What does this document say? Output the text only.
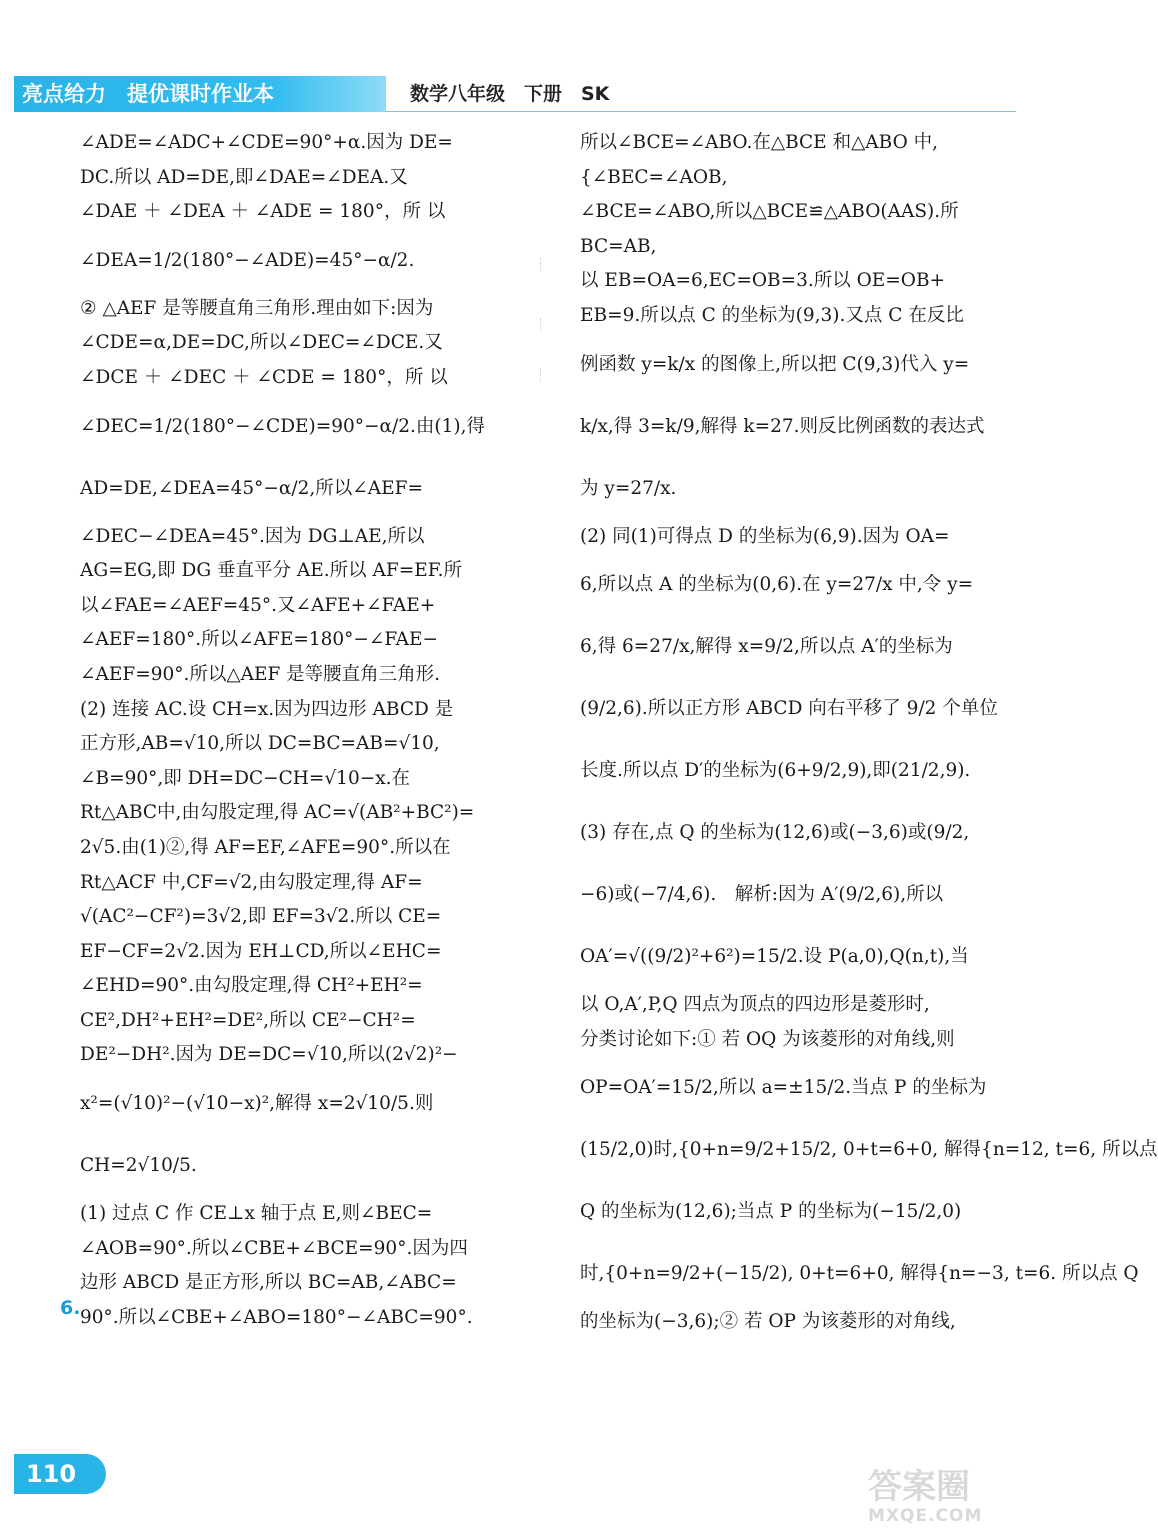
亮点给力　提优课时作业本	数学八年级　下册　SK
∠ADE=∠ADC+∠CDE=90°+α.因为 DE=
DC.所以 AD=DE,即∠DAE=∠DEA.又
∠DAE ＋ ∠DEA ＋ ∠ADE = 180°，所 以
∠DEA=1/2(180°−∠ADE)=45°−α/2.
② △AEF 是等腰直角三角形.理由如下:因为
∠CDE=α,DE=DC,所以∠DEC=∠DCE.又
∠DCE ＋ ∠DEC ＋ ∠CDE = 180°，所 以
∠DEC=1/2(180°−∠CDE)=90°−α/2.由(1),得
AD=DE,∠DEA=45°−α/2,所以∠AEF=
∠DEC−∠DEA=45°.因为 DG⊥AE,所以
AG=EG,即 DG 垂直平分 AE.所以 AF=EF.所
以∠FAE=∠AEF=45°.又∠AFE+∠FAE+
∠AEF=180°.所以∠AFE=180°−∠FAE−
∠AEF=90°.所以△AEF 是等腰直角三角形.
(2) 连接 AC.设 CH=x.因为四边形 ABCD 是
正方形,AB=√10,所以 DC=BC=AB=√10,
∠B=90°,即 DH=DC−CH=√10−x.在
Rt△ABC中,由勾股定理,得 AC=√(AB²+BC²)=
2√5.由(1)②,得 AF=EF,∠AFE=90°.所以在
Rt△ACF 中,CF=√2,由勾股定理,得 AF=
√(AC²−CF²)=3√2,即 EF=3√2.所以 CE=
EF−CF=2√2.因为 EH⊥CD,所以∠EHC=
∠EHD=90°.由勾股定理,得 CH²+EH²=
CE²,DH²+EH²=DE²,所以 CE²−CH²=
DE²−DH².因为 DE=DC=√10,所以(2√2)²−
x²=(√10)²−(√10−x)²,解得 x=2√10/5.则
CH=2√10/5.
(1) 过点 C 作 CE⊥x 轴于点 E,则∠BEC=
∠AOB=90°.所以∠CBE+∠BCE=90°.因为四
边形 ABCD 是正方形,所以 BC=AB,∠ABC=
90°.所以∠CBE+∠ABO=180°−∠ABC=90°.
6.
所以∠BCE=∠ABO.在△BCE 和△ABO 中,
{∠BEC=∠AOB,
∠BCE=∠ABO,所以△BCE≌△ABO(AAS).所
BC=AB,
以 EB=OA=6,EC=OB=3.所以 OE=OB+
EB=9.所以点 C 的坐标为(9,3).又点 C 在反比
例函数 y=k/x 的图像上,所以把 C(9,3)代入 y=
k/x,得 3=k/9,解得 k=27.则反比例函数的表达式
为 y=27/x.
(2) 同(1)可得点 D 的坐标为(6,9).因为 OA=
6,所以点 A 的坐标为(0,6).在 y=27/x 中,令 y=
6,得 6=27/x,解得 x=9/2,所以点 A′的坐标为
(9/2,6).所以正方形 ABCD 向右平移了 9/2 个单位
长度.所以点 D′的坐标为(6+9/2,9),即(21/2,9).
(3) 存在,点 Q 的坐标为(12,6)或(−3,6)或(9/2,
−6)或(−7/4,6).　解析:因为 A′(9/2,6),所以
OA′=√((9/2)²+6²)=15/2.设 P(a,0),Q(n,t),当
以 O,A′,P,Q 四点为顶点的四边形是菱形时,
分类讨论如下:① 若 OQ 为该菱形的对角线,则
OP=OA′=15/2,所以 a=±15/2.当点 P 的坐标为
(15/2,0)时,{0+n=9/2+15/2, 0+t=6+0, 解得{n=12, t=6, 所以点
Q 的坐标为(12,6);当点 P 的坐标为(−15/2,0)
时,{0+n=9/2+(−15/2), 0+t=6+0, 解得{n=−3, t=6. 所以点 Q
的坐标为(−3,6);② 若 OP 为该菱形的对角线,
110	答案圈
MXQE.COM
